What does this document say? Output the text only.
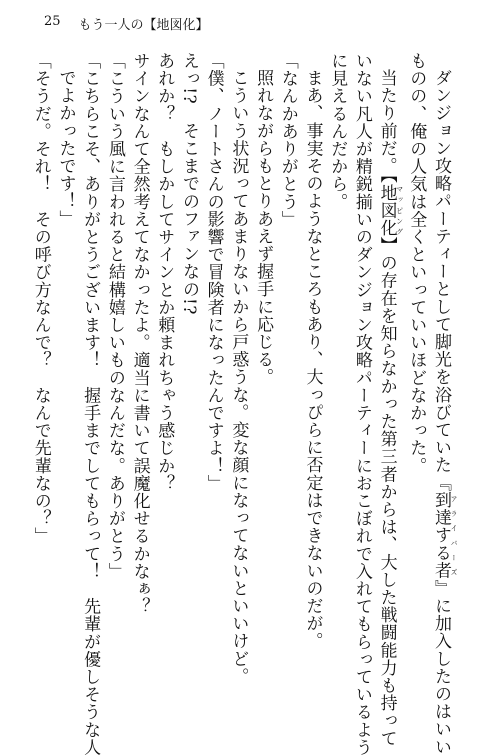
25 もう一人の【地図化】
ダンジョン攻略パーティーとして脚光を浴びていた『到達する者 アライバーズ』に加入したのはいい
ものの、俺の人気は全くといっていいほどなかった。
当たり前だ。【地図化 マッピング】の存在を知らなかった第三者からは、大した戦闘能力も持って
いない凡人が精鋭揃いのダンジョン攻略パーティーにおこぼれで入れてもらっているよう
に見えるんだから。
まあ、事実そのようなところもあり、大っぴらに否定はできないのだが。
「なんかありがとう」
照れながらもとりあえず握手に応じる。
こういう状況ってあまりないから戸惑うな。変な顔になってないといいけど。
「僕、ノートさんの影響で冒険者になったんですよ！」
えっ!?　そこまでのファンなの!?
あれか？　もしかしてサインとか頼まれちゃう感じか？
サインなんて全然考えてなかったよ。適当に書いて誤魔化せるかなぁ？
「こういう風に言われると結構嬉しいものなんだな。ありがとう」
「こちらこそ、ありがとうございます！　握手までしてもらって！　先輩が優しそうな人
でよかったです！」
「そうだ。それ！　その呼び方なんで？　なんで先輩なの？」
